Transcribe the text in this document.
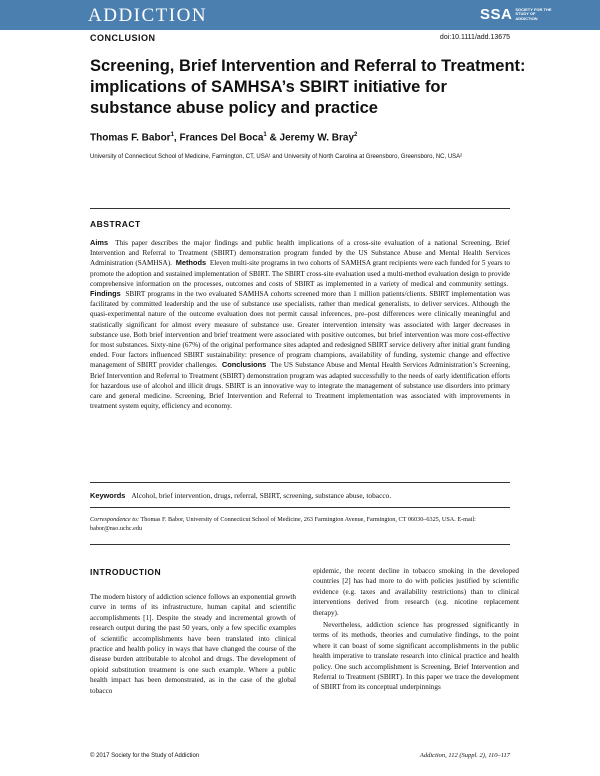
ADDICTION	SSA SOCIETY FOR THE STUDY OF ADDICTION
CONCLUSION	doi:10.1111/add.13675
Screening, Brief Intervention and Referral to Treatment: implications of SAMHSA’s SBIRT initiative for substance abuse policy and practice
Thomas F. Babor$^1$, Frances Del Boca$^1$ & Jeremy W. Bray$^2$
University of Connecticut School of Medicine, Farmington, CT, USA¹ and University of North Carolina at Greensboro, Greensboro, NC, USA²
ABSTRACT
Aims This paper describes the major findings and public health implications of a cross-site evaluation of a national Screening, Brief Intervention and Referral to Treatment (SBIRT) demonstration program funded by the US Substance Abuse and Mental Health Services Administration (SAMHSA). Methods Eleven multi-site programs in two cohorts of SAMHSA grant recipients were each funded for 5 years to promote the adoption and sustained implementation of SBIRT. The SBIRT cross-site evaluation used a multi-method evaluation design to provide comprehensive information on the processes, outcomes and costs of SBIRT as implemented in a variety of medical and community settings.  Findings SBIRT programs in the two evaluated SAMHSA cohorts screened more than 1 million patients/clients. SBIRT implementation was facilitated by committed leadership and the use of substance use specialists, rather than medical generalists, to deliver services. Although the quasi-experimental nature of the outcome evaluation does not permit causal inferences, pre–post differences were clinically meaningful and statistically significant for almost every measure of substance use. Greater intervention intensity was associated with larger decreases in substance use. Both brief intervention and brief treatment were associated with positive outcomes, but brief intervention was more cost-effective for most substances. Sixty-nine (67%) of the original performance sites adapted and redesigned SBIRT service delivery after initial grant funding ended. Four factors influenced SBIRT sustainability: presence of program champions, availability of funding, systemic change and effective management of SBIRT provider challenges. Conclusions The US Substance Abuse and Mental Health Services Administration’s Screening, Brief Intervention and Referral to Treatment (SBIRT) demonstration program was adapted successfully to the needs of early identification efforts for hazardous use of alcohol and illicit drugs. SBIRT is an innovative way to integrate the management of substance use disorders into primary care and general medicine. Screening, Brief Intervention and Referral to Treatment implementation was associated with improvements in treatment system equity, efficiency and economy.
Keywords Alcohol, brief intervention, drugs, referral, SBIRT, screening, substance abuse, tobacco.
Correspondence to: Thomas F. Babor, University of Connecticut School of Medicine, 263 Farmington Avenue, Farmington, CT 06030–6325, USA. E-mail: babor@nso.uchc.edu
INTRODUCTION

The modern history of addiction science follows an exponential growth curve in terms of its infrastructure, human capital and scientific accomplishments [1]. Despite the steady and incremental growth of research output during the past 50 years, only a few specific examples of scientific accomplishments have been translated into clinical practice and health policy in ways that have changed the course of the disease burden attributable to alcohol and drugs. The development of opioid substitution treatment is one such example. Where a public health impact has been demonstrated, as in the case of the global tobacco

epidemic, the recent decline in tobacco smoking in the developed countries [2] has had more to do with policies justified by scientific evidence (e.g. taxes and availability restrictions) than to clinical interventions derived from research (e.g. nicotine replacement therapy).

Nevertheless, addiction science has progressed significantly in terms of its methods, theories and cumulative findings, to the point where it can boast of some significant accomplishments in the public health imperative to translate research into clinical practice and health policy. One such accomplishment is Screening, Brief Intervention and Referral to Treatment (SBIRT). In this paper we trace the development of SBIRT from its conceptual underpinnings

© 2017 Society for the Study of Addiction	Addiction, 112 (Suppl. 2), 110–117
